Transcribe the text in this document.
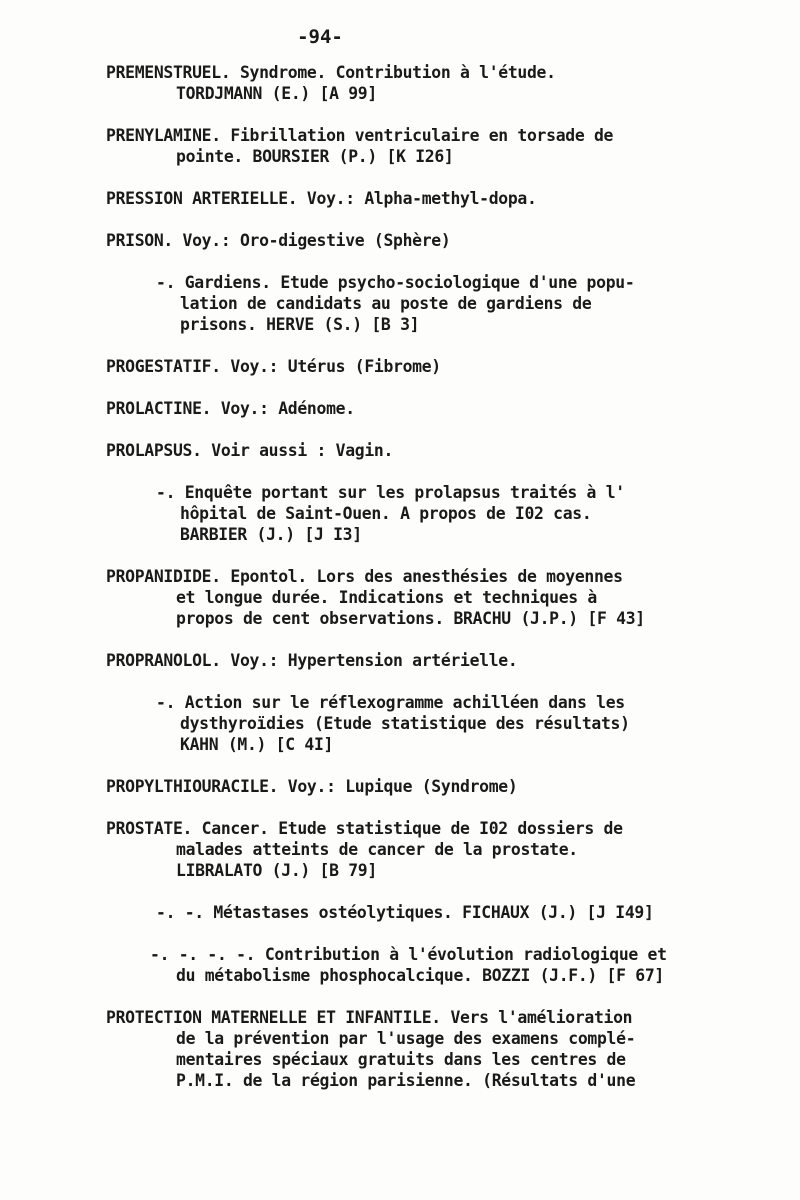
-94-
PREMENSTRUEL. Syndrome. Contribution à l'étude.
TORDJMANN (E.) [A 99]
PRENYLAMINE. Fibrillation ventriculaire en torsade de
pointe. BOURSIER (P.) [K I26]
PRESSION ARTERIELLE. Voy.: Alpha-methyl-dopa.
PRISON. Voy.: Oro-digestive (Sphère)
-. Gardiens. Etude psycho-sociologique d'une popu-
lation de candidats au poste de gardiens de
prisons. HERVE (S.) [B 3]
PROGESTATIF. Voy.: Utérus (Fibrome)
PROLACTINE. Voy.: Adénome.
PROLAPSUS. Voir aussi : Vagin.
-. Enquête portant sur les prolapsus traités à l'
hôpital de Saint-Ouen. A propos de I02 cas.
BARBIER (J.) [J I3]
PROPANIDIDE. Epontol. Lors des anesthésies de moyennes
et longue durée. Indications et techniques à
propos de cent observations. BRACHU (J.P.) [F 43]
PROPRANOLOL. Voy.: Hypertension artérielle.
-. Action sur le réflexogramme achilléen dans les
dysthyroïdies (Etude statistique des résultats)
KAHN (M.) [C 4I]
PROPYLTHIOURACILE. Voy.: Lupique (Syndrome)
PROSTATE. Cancer. Etude statistique de I02 dossiers de
malades atteints de cancer de la prostate.
LIBRALATO (J.) [B 79]
-. -. Métastases ostéolytiques. FICHAUX (J.) [J I49]
-. -. -. -. Contribution à l'évolution radiologique et
du métabolisme phosphocalcique. BOZZI (J.F.) [F 67]
PROTECTION MATERNELLE ET INFANTILE. Vers l'amélioration
de la prévention par l'usage des examens complé-
mentaires spéciaux gratuits dans les centres de
P.M.I. de la région parisienne. (Résultats d'une
